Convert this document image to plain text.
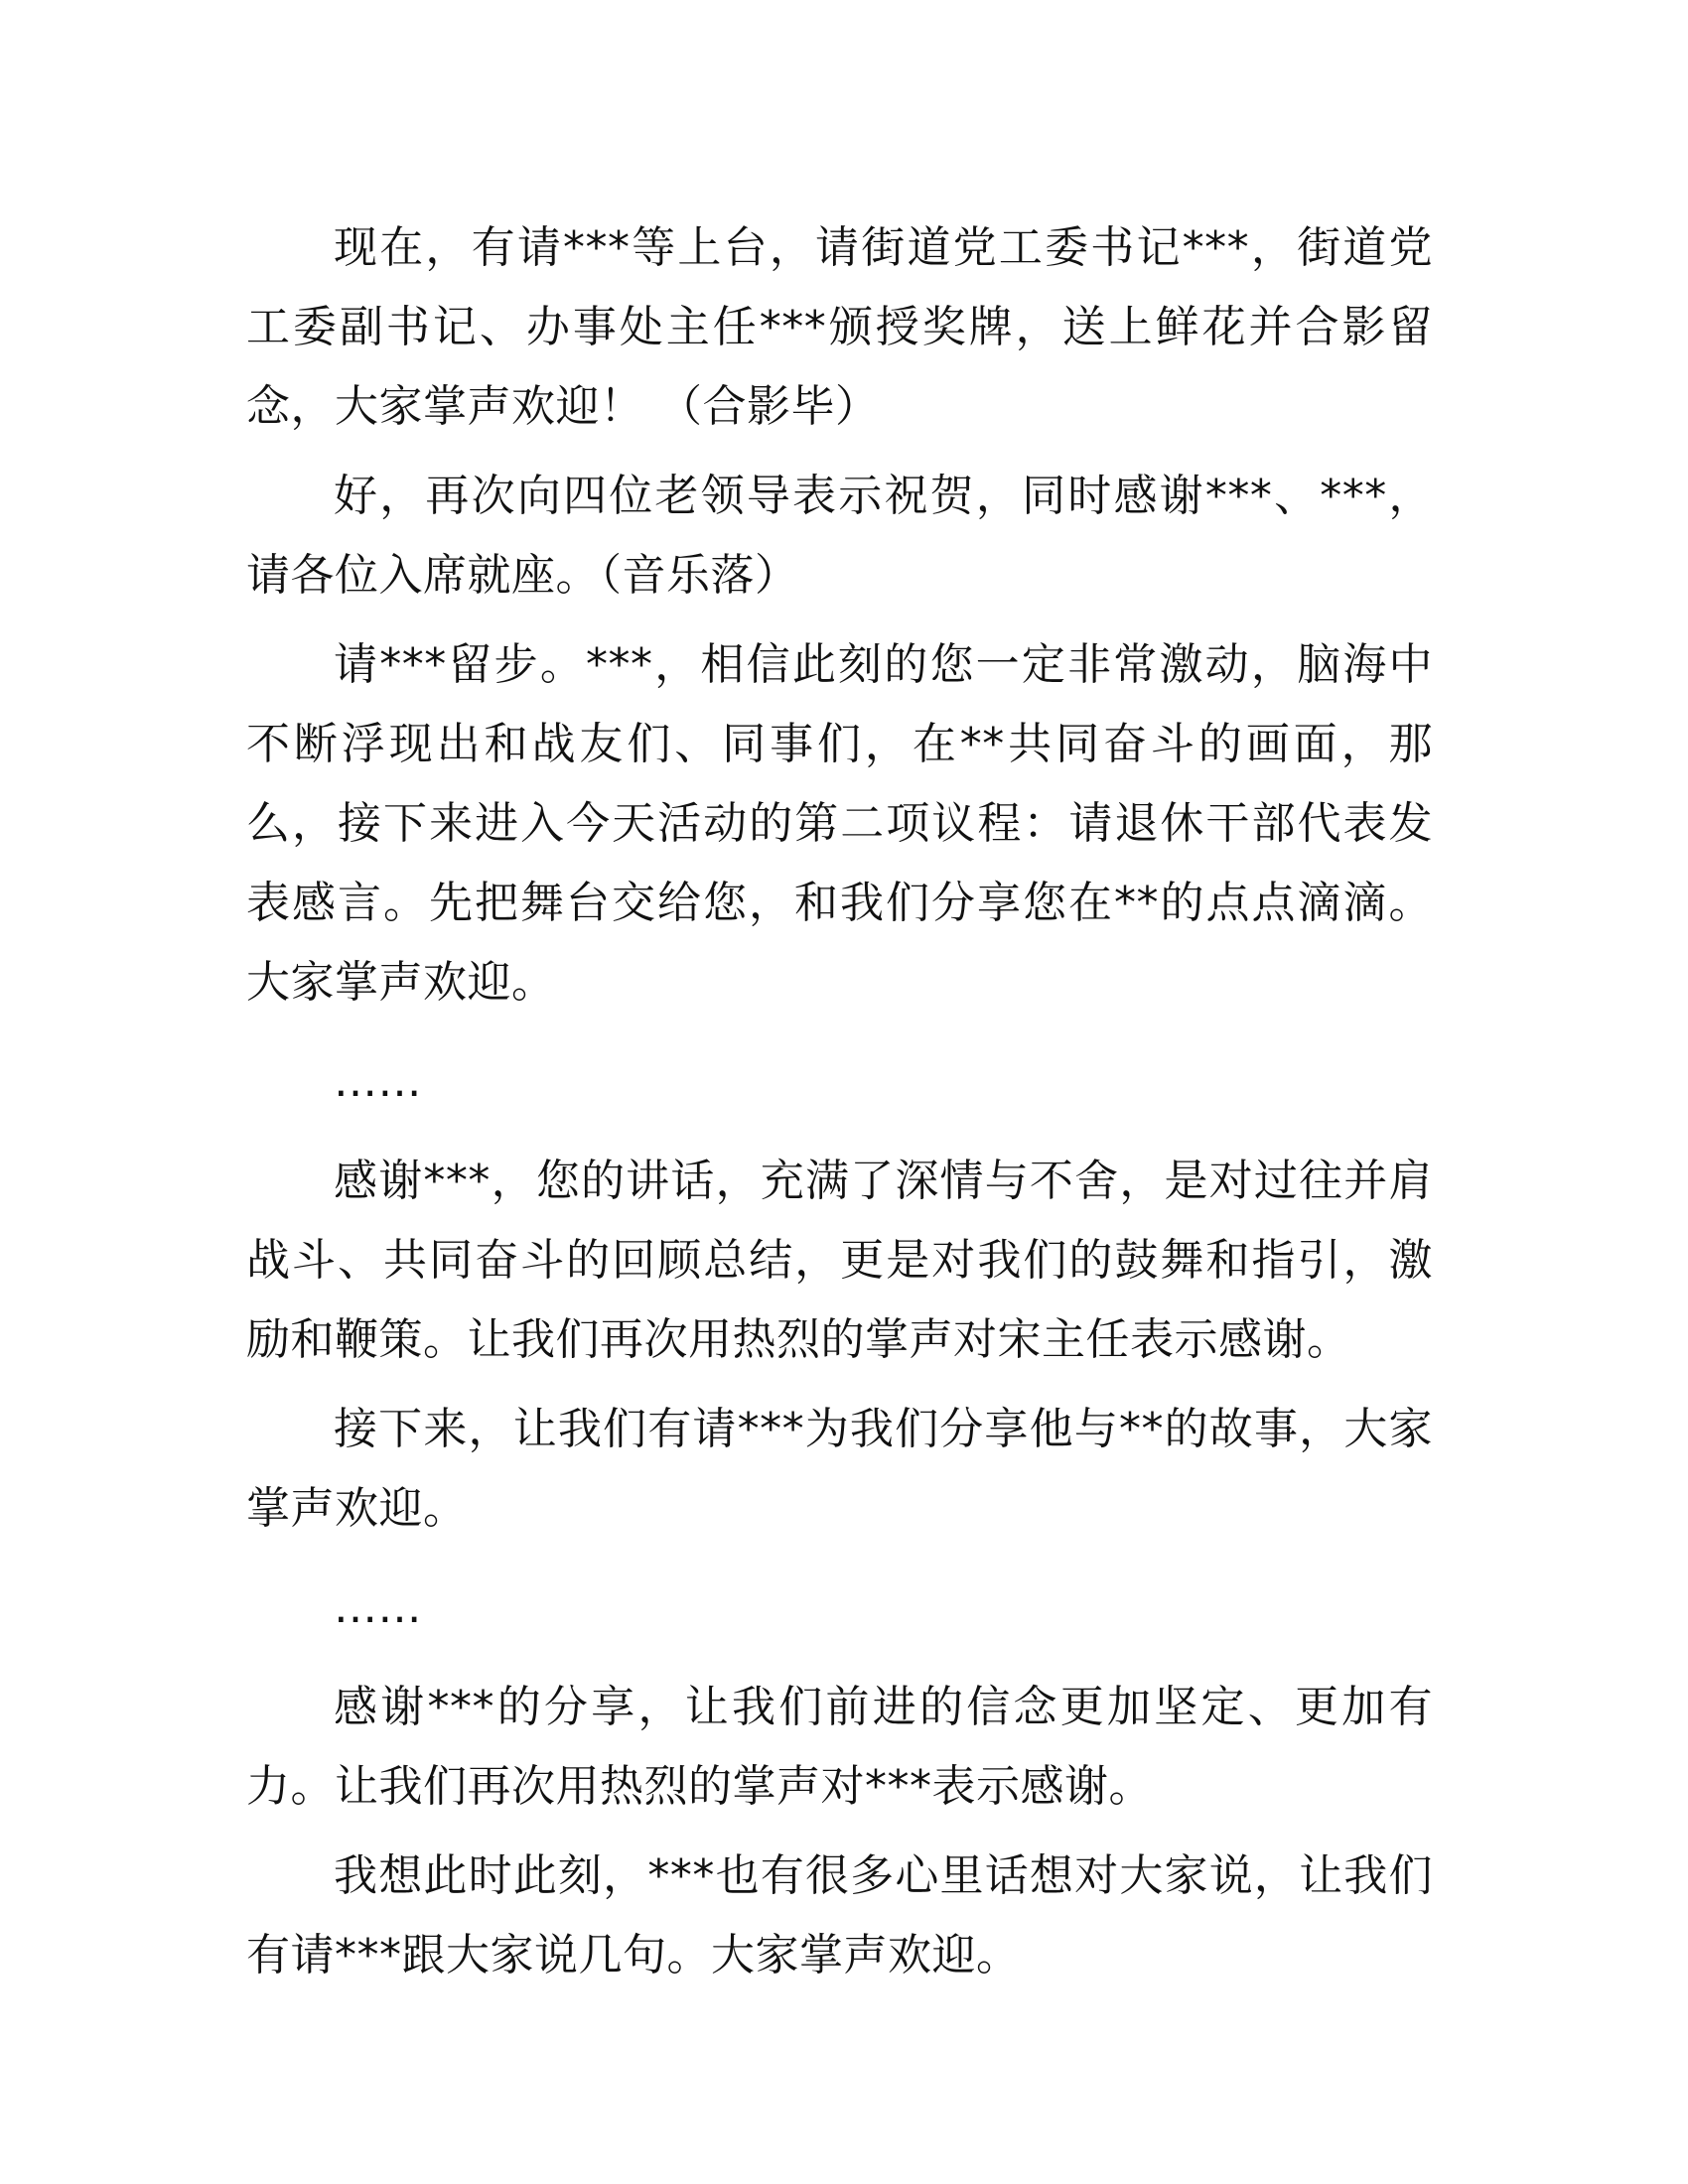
现在，有请***等上台，请街道党工委书记***，街道党工委副书记、办事处主任***颁授奖牌，送上鲜花并合影留念，大家掌声欢迎！ （合影毕）

好，再次向四位老领导表示祝贺，同时感谢***、***，请各位入席就座。（音乐落）

请***留步。***，相信此刻的您一定非常激动，脑海中不断浮现出和战友们、同事们，在**共同奋斗的画面，那么，接下来进入今天活动的第二项议程：请退休干部代表发表感言。先把舞台交给您，和我们分享您在**的点点滴滴。大家掌声欢迎。

……

感谢***，您的讲话，充满了深情与不舍，是对过往并肩战斗、共同奋斗的回顾总结，更是对我们的鼓舞和指引，激励和鞭策。让我们再次用热烈的掌声对宋主任表示感谢。

接下来，让我们有请***为我们分享他与**的故事，大家掌声欢迎。

……

感谢***的分享，让我们前进的信念更加坚定、更加有力。让我们再次用热烈的掌声对***表示感谢。

我想此时此刻，***也有很多心里话想对大家说，让我们有请***跟大家说几句。大家掌声欢迎。
